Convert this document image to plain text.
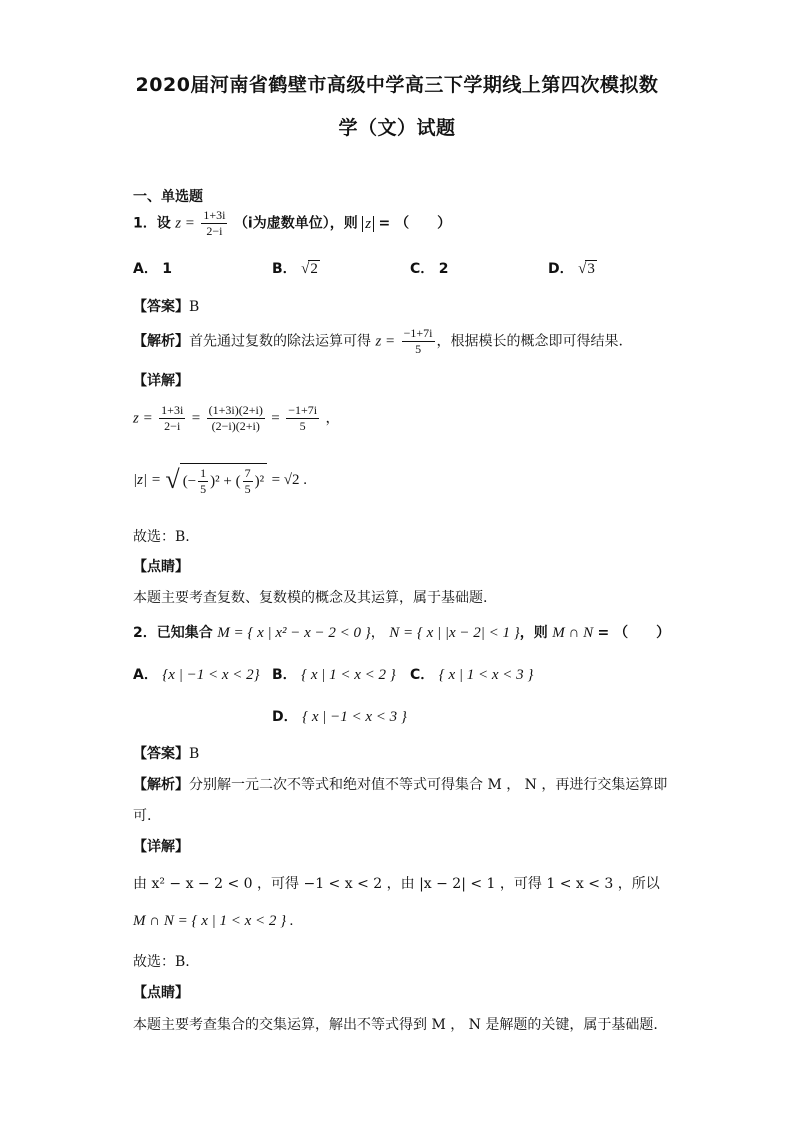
2020届河南省鹤壁市高级中学高三下学期线上第四次模拟数
学（文）试题
一、单选题
1．设 $z = \frac{1+3i}{2-i} (i$为虚数单位），则 z = （　　）
A． 1	B． √2	C． 2	D． √3
【答案】B
【解析】首先通过复数的除法运算可得 $z = \frac{-1+7i}{5}$ ，根据模长的概念即可得结果.
【详解】
$z = \frac{1+3i}{2-i} = \frac{(1+3i)(2+i)}{(2-i)(2+i)} = \frac{-1+7i}{5}$ ，
|z| = √ (− $\frac{1}{5} )^2$ + ( $\frac{7}{5} )^2 = √2$ .
故选：B.
【点睛】
本题主要考查复数、复数模的概念及其运算，属于基础题.
2．已知集合 M = { x | x² − x − 2 < 0 }， N = { x | |x − 2| < 1 }，则 M ∩ N = （　　）
A． {x | −1 < x < 2} B． { x | 1 < x < 2 } C． { x | 1 < x < 3 }
D． { x | −1 < x < 3 }
【答案】B
【解析】分别解一元二次不等式和绝对值不等式可得集合 M ， N ，再进行交集运算即
可.
【详解】
由 x² − x − 2 < 0 ，可得 −1 < x < 2 ，由 |x − 2| < 1 ，可得 1 < x < 3 ，所以
M ∩ N = { x | 1 < x < 2 } .
故选：B.
【点睛】
本题主要考查集合的交集运算，解出不等式得到 M ， N 是解题的关键，属于基础题.
